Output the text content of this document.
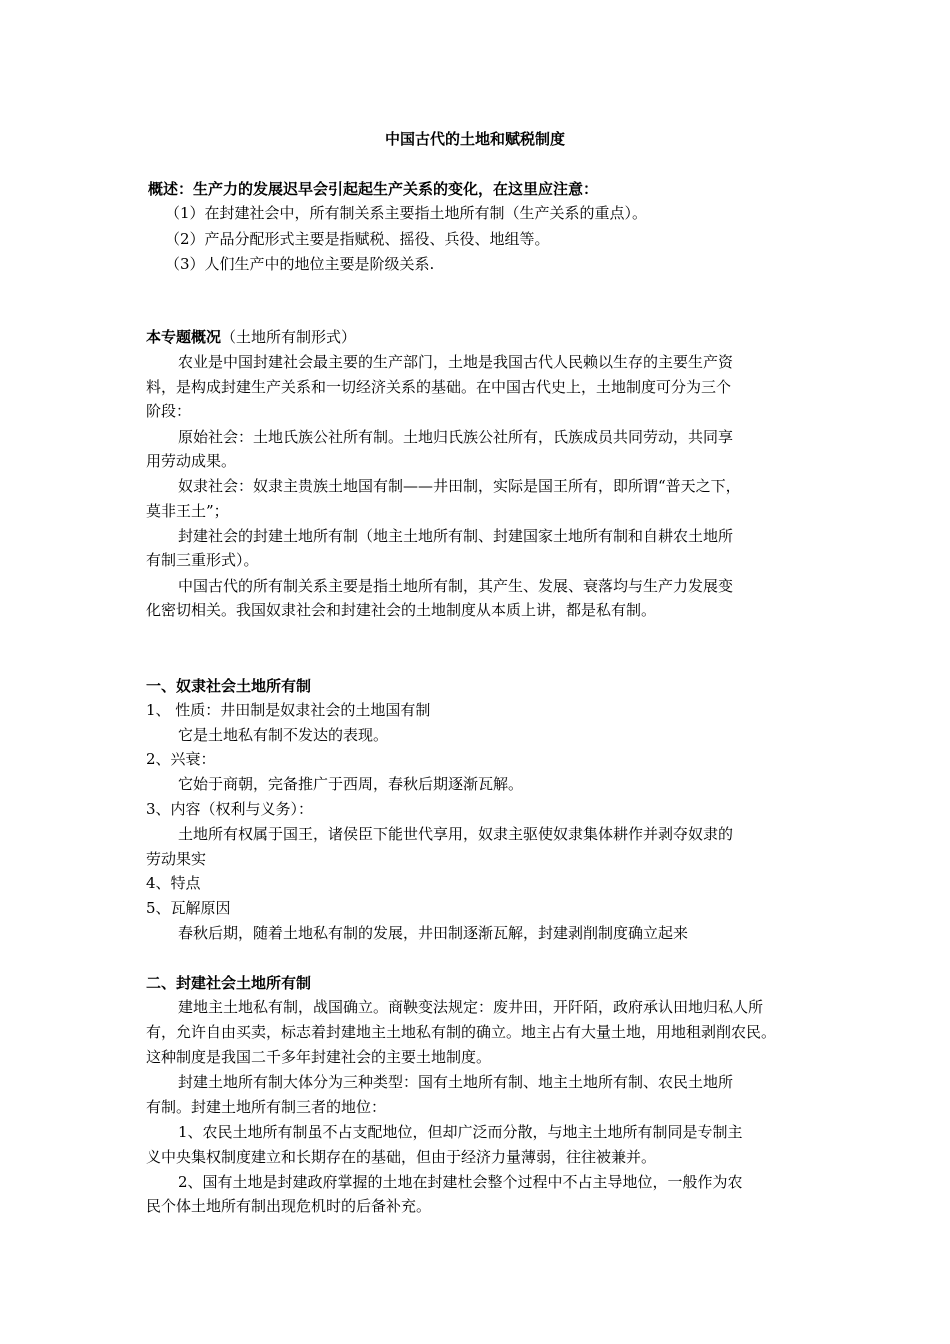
中国古代的土地和赋税制度
概述：生产力的发展迟早会引起起生产关系的变化，在这里应注意：
（1）在封建社会中，所有制关系主要指土地所有制（生产关系的重点）。
（2）产品分配形式主要是指赋税、摇役、兵役、地组等。
（3）人们生产中的地位主要是阶级关系.
本专题概况（土地所有制形式）
农业是中国封建社会最主要的生产部门，土地是我国古代人民赖以生存的主要生产资
料，是构成封建生产关系和一切经济关系的基础。在中国古代史上，土地制度可分为三个
阶段：
原始社会：土地氏族公社所有制。土地归氏族公社所有，氏族成员共同劳动，共同享
用劳动成果。
奴隶社会：奴隶主贵族土地国有制——井田制，实际是国王所有，即所谓“普天之下，
莫非王土”；
封建社会的封建土地所有制（地主土地所有制、封建国家土地所有制和自耕农土地所
有制三重形式）。
中国古代的所有制关系主要是指土地所有制，其产生、发展、衰落均与生产力发展变
化密切相关。我国奴隶社会和封建社会的土地制度从本质上讲，都是私有制。
一、奴隶社会土地所有制
1、 性质：井田制是奴隶社会的土地国有制
它是土地私有制不发达的表现。
2、兴衰：
它始于商朝，完备推广于西周，春秋后期逐渐瓦解。
3、内容（权利与义务）：
土地所有权属于国王，诸侯臣下能世代享用，奴隶主驱使奴隶集体耕作并剥夺奴隶的
劳动果实
4、特点
5、瓦解原因
春秋后期，随着土地私有制的发展，井田制逐渐瓦解，封建剥削制度确立起来
二、封建社会土地所有制
建地主土地私有制，战国确立。商鞅变法规定：废井田，开阡陌，政府承认田地归私人所
有，允许自由买卖，标志着封建地主土地私有制的确立。地主占有大量土地，用地租剥削农民。
这种制度是我国二千多年封建社会的主要土地制度。
封建土地所有制大体分为三种类型：国有土地所有制、地主土地所有制、农民土地所
有制。封建土地所有制三者的地位：
1、农民土地所有制虽不占支配地位，但却广泛而分散，与地主土地所有制同是专制主
义中央集权制度建立和长期存在的基础，但由于经济力量薄弱，往往被兼并。
2、国有土地是封建政府掌握的土地在封建杜会整个过程中不占主导地位，一般作为农
民个体土地所有制出现危机时的后备补充。
